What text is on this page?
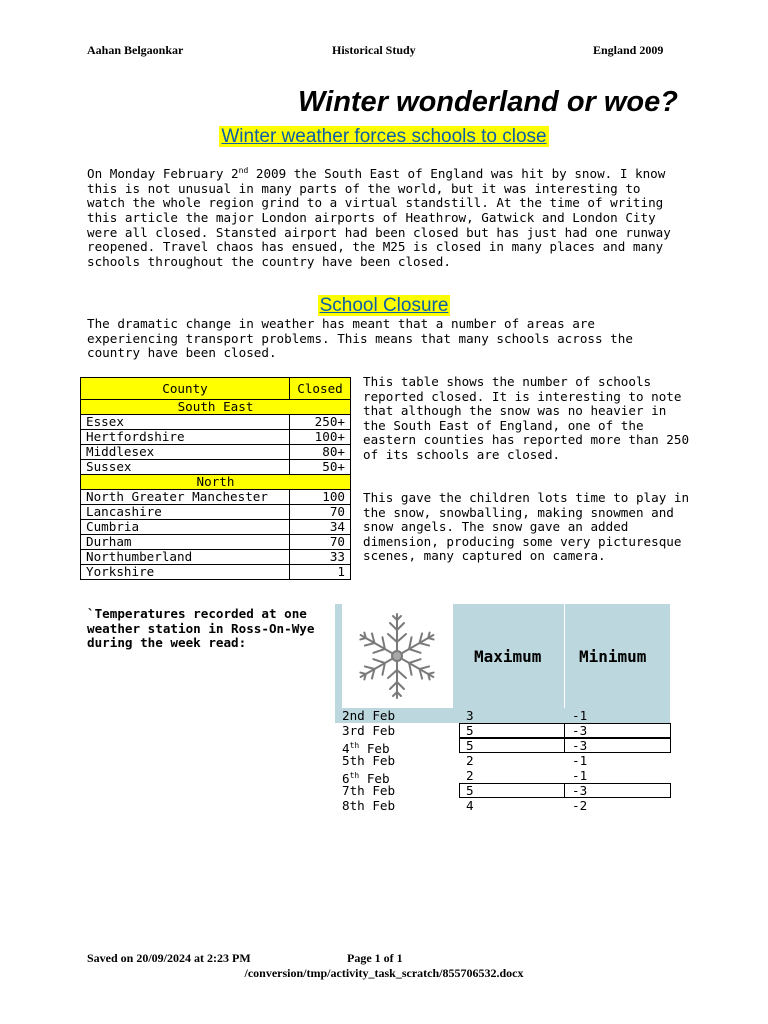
Aahan Belgaonkar	Historical Study	England 2009
Winter wonderland or woe?
Winter weather forces schools to close

On Monday February 2nd 2009 the South East of England was hit by snow. I know this is not unusual in many parts of the world, but it was interesting to watch the whole region grind to a virtual standstill. At the time of writing this article the major London airports of Heathrow, Gatwick and London City were all closed. Stansted airport had been closed but has just had one runway reopened. Travel chaos has ensued, the M25 is closed in many places and many schools throughout the country have been closed.

School Closure

The dramatic change in weather has meant that a number of areas are experiencing transport problems. This means that many schools across the country have been closed.

County	Closed
South East	
Essex	250+
Hertfordshire	100+
Middlesex	80+
Sussex	50+
North	
North Greater Manchester	100
Lancashire	70
Cumbria	34
Durham	70
Northumberland	33
Yorkshire	1

This table shows the number of schools reported closed. It is interesting to note that although the snow was no heavier in the South East of England, one of the eastern counties has reported more than 250 of its schools are closed.

This gave the children lots time to play in the snow, snowballing, making snowmen and snow angels. The snow gave an added dimension, producing some very picturesque scenes, many captured on camera.

`Temperatures recorded at one weather station in Ross-On-Wye during the week read:

Maximum Minimum
2nd Feb	3	-1
3rd Feb	5	-3
4th Feb	5	-3
5th Feb	2	-1
6th Feb	2	-1
7th Feb	5	-3
8th Feb	4	-2
Saved on 20/09/2024 at 2:23 PM	Page 1 of 1
/conversion/tmp/activity_task_scratch/855706532.docx
